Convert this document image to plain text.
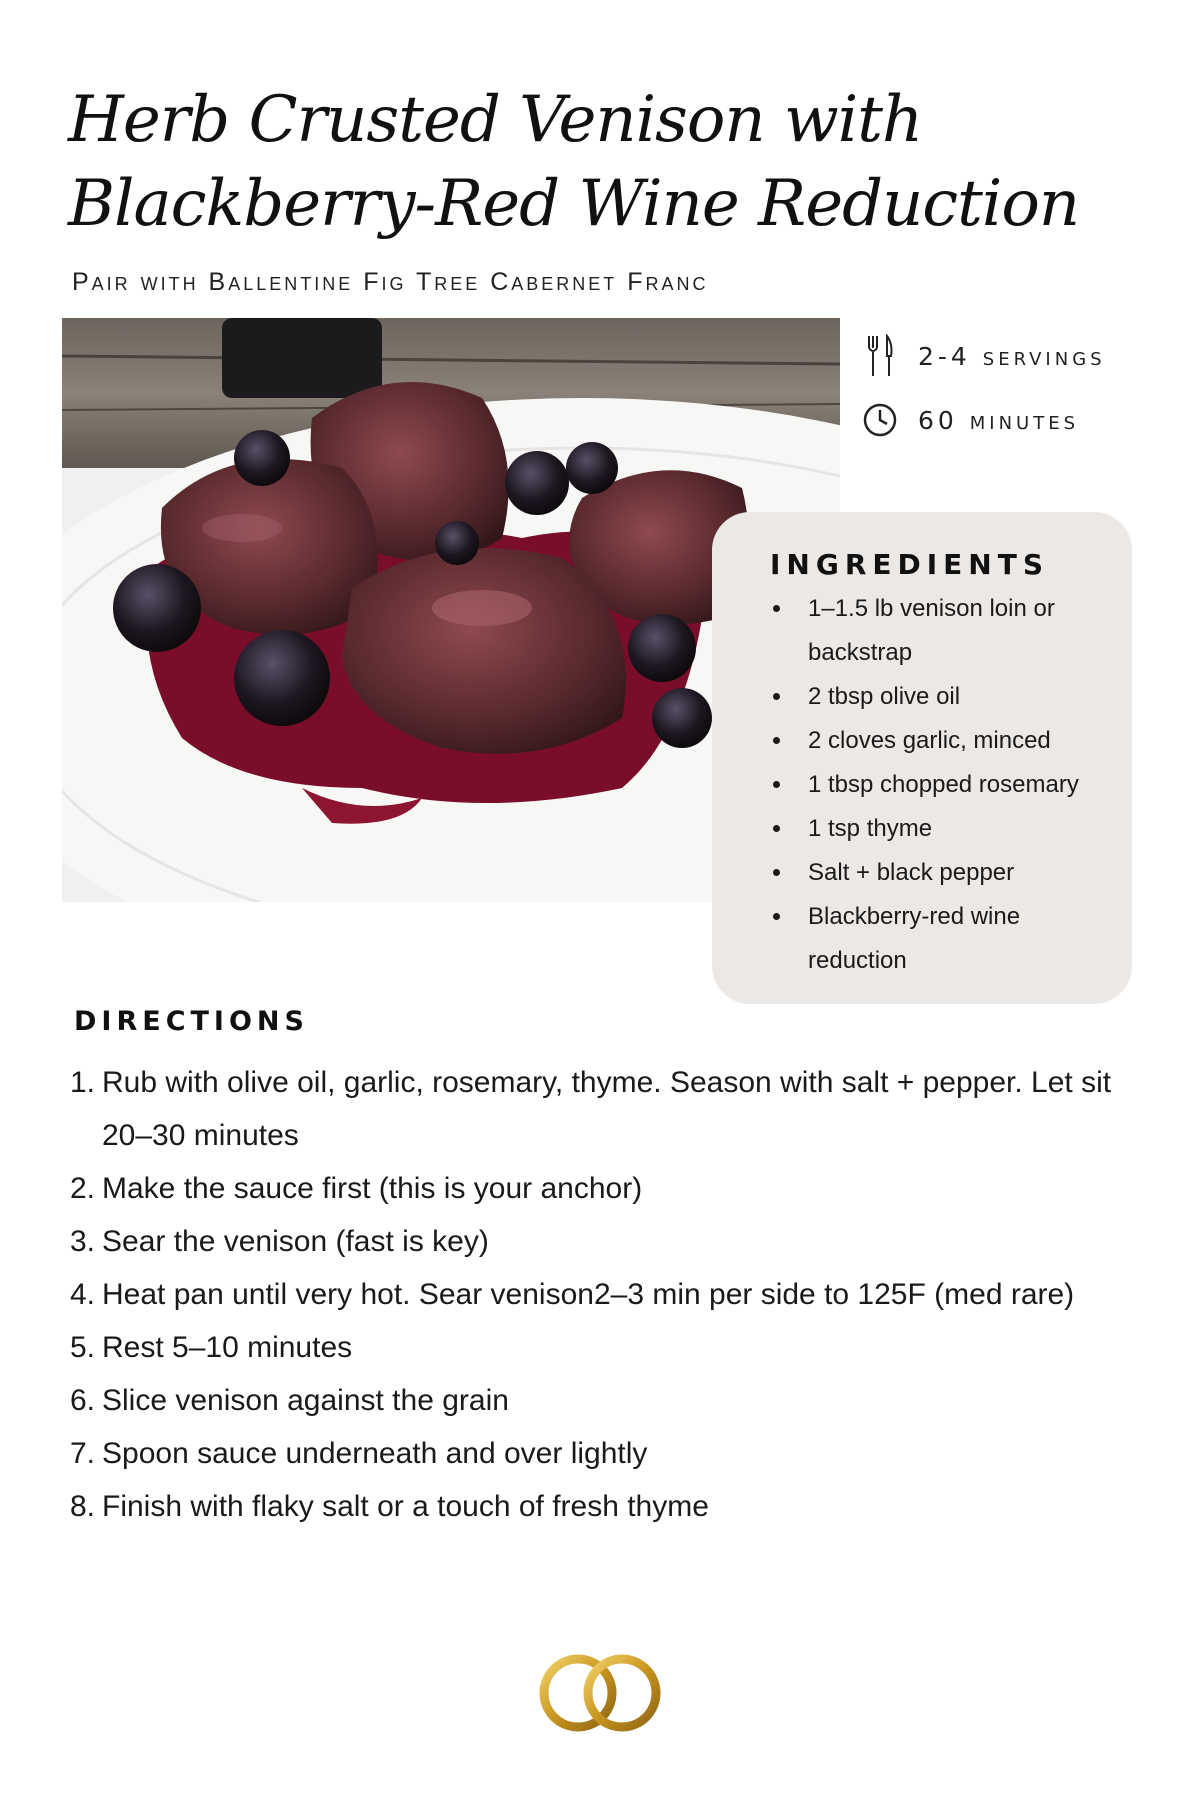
Herb Crusted Venison with
Blackberry-Red Wine Reduction

Pair with Ballentine Fig Tree Cabernet Franc

2-4 servings
60 minutes
INGREDIENTS
• 1–1.5 lb venison loin or backstrap
• 2 tbsp olive oil
• 2 cloves garlic, minced
• 1 tbsp chopped rosemary
• 1 tsp thyme
• Salt + black pepper
• Blackberry-red wine reduction
DIRECTIONS
1. Rub with olive oil, garlic, rosemary, thyme. Season with salt + pepper. Let sit 20–30 minutes
2. Make the sauce first (this is your anchor)
3. Sear the venison (fast is key)
4. Heat pan until very hot. Sear venison2–3 min per side to 125F (med rare)
5. Rest 5–10 minutes
6. Slice venison against the grain
7. Spoon sauce underneath and over lightly
8. Finish with flaky salt or a touch of fresh thyme
